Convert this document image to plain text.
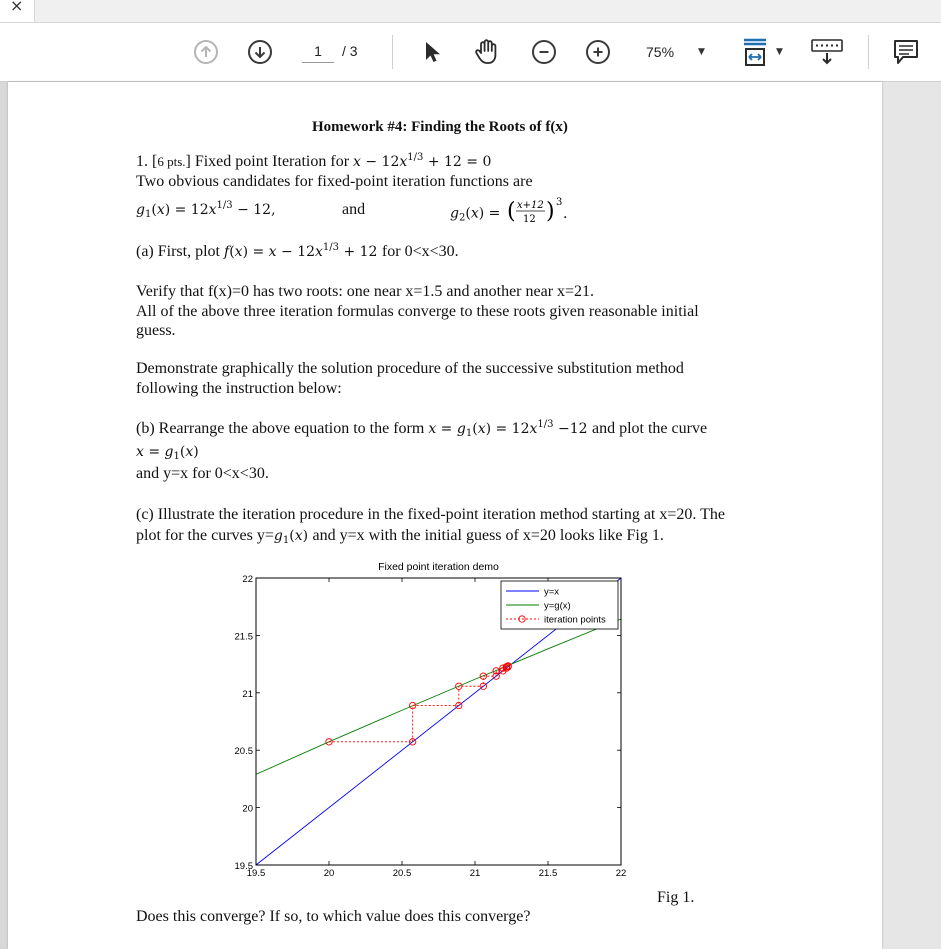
×
1
/ 3	75%	▼	▼
Homework #4: Finding the Roots of f(x)
1. [6 pts.] Fixed point Iteration for $x - 12x^{1/3} + 12 = 0$
Two obvious candidates for fixed-point iteration functions are
$g_1(x) = 12x^{1/3} - 12$,	and	$g_2(x)$ = ( x+12
12 ) 3
.
(a) First, plot $f(x) = x - 12x^{1/3} + 12$ for 0<x<30.
Verify that f(x)=0 has two roots: one near x=1.5 and another near x=21.
All of the above three iteration formulas converge to these roots given reasonable initial
guess.
Demonstrate graphically the solution procedure of the successive substitution method
following the instruction below:
(b) Rearrange the above equation to the form $x = g_1(x) = 12x^{1/3} -12$ and plot the curve
$x = g_1(x)$
and y=x for 0<x<30.
(c) Illustrate the iteration procedure in the fixed-point iteration method starting at x=20. The
plot for the curves $y=g_1(x)$ and y=x with the initial guess of x=20 looks like Fig 1.
Fixed point iteration demo
19.5	20	20.5	21	21.5	22
19.5
20
20.5
21
21.5
22
y=x
y=g(x)
iteration points
Fig 1.
Does this converge? If so, to which value does this converge?
